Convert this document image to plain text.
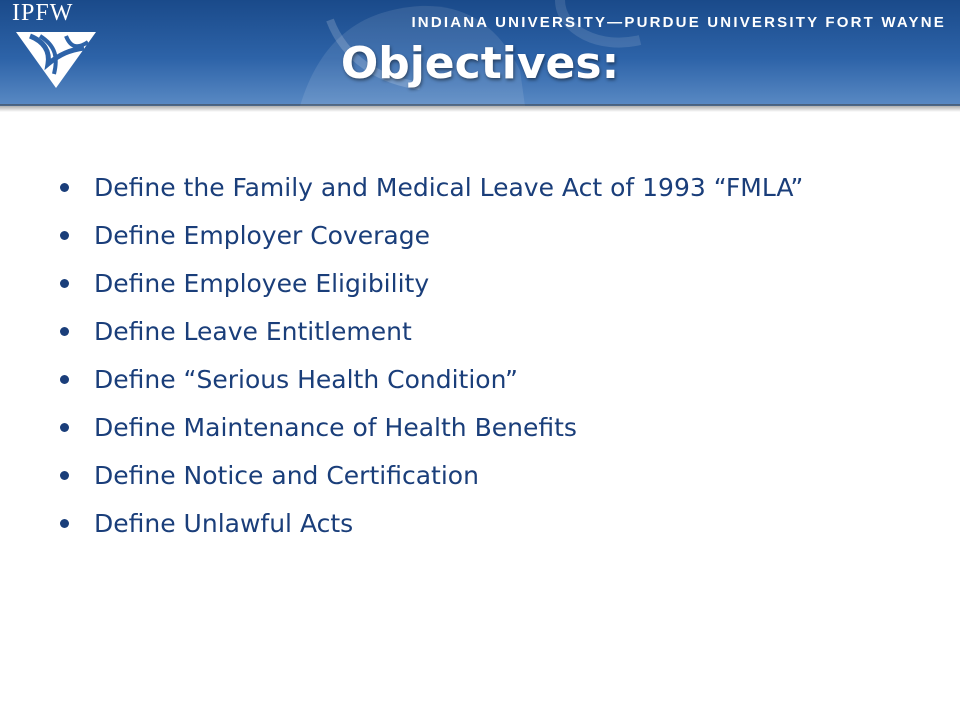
IPFW	INDIANA UNIVERSITY—PURDUE UNIVERSITY FORT WAYNE
Objectives:
Define the Family and Medical Leave Act of 1993 “FMLA”
Define Employer Coverage
Define Employee Eligibility
Define Leave Entitlement
Define “Serious Health Condition”
Define Maintenance of Health Benefits
Define Notice and Certification
Define Unlawful Acts
